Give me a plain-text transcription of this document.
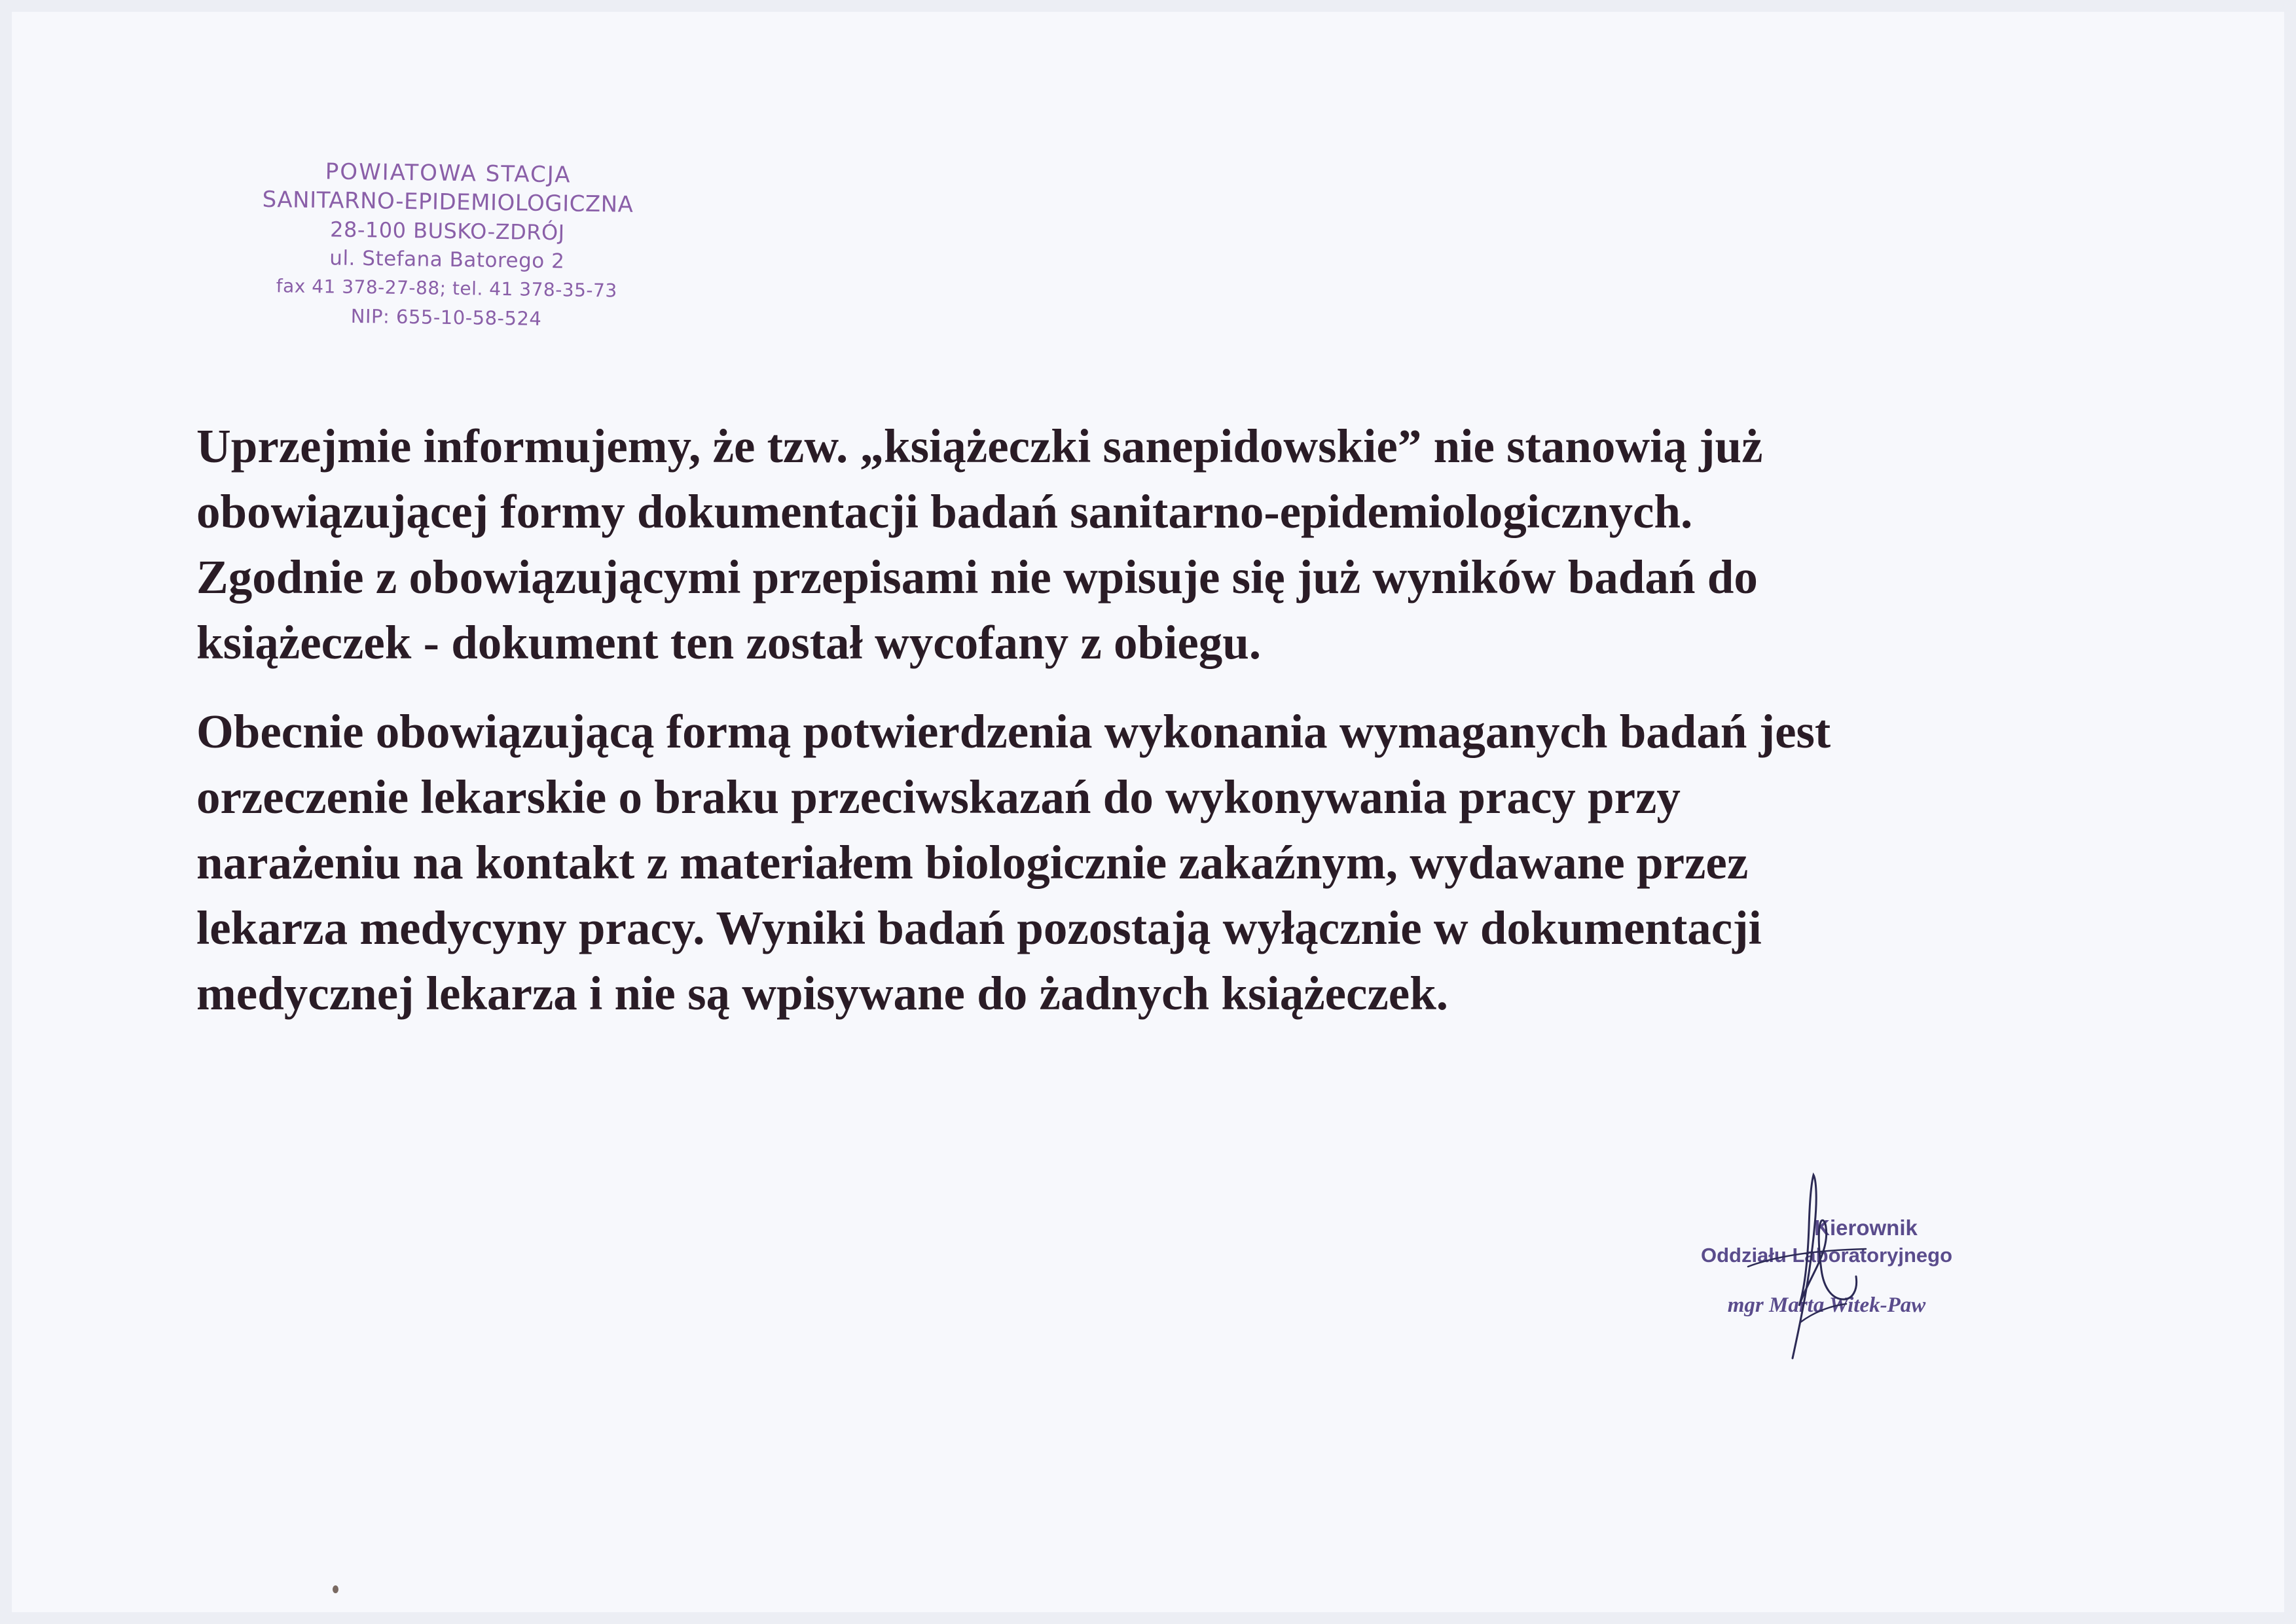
POWIATOWA STACJA
SANITARNO-EPIDEMIOLOGICZNA
28-100 BUSKO-ZDRÓJ
ul. Stefana Batorego 2
fax 41 378-27-88; tel. 41 378-35-73
NIP: 655-10-58-524

Uprzejmie informujemy, że tzw. „książeczki sanepidowskie” nie stanowią już
obowiązującej formy dokumentacji badań sanitarno-epidemiologicznych.
Zgodnie z obowiązującymi przepisami nie wpisuje się już wyników badań do
książeczek - dokument ten został wycofany z obiegu.

Obecnie obowiązującą formą potwierdzenia wykonania wymaganych badań jest
orzeczenie lekarskie o braku przeciwskazań do wykonywania pracy przy
narażeniu na kontakt z materiałem biologicznie zakaźnym, wydawane przez
lekarza medycyny pracy. Wyniki badań pozostają wyłącznie w dokumentacji
medycznej lekarza i nie są wpisywane do żadnych książeczek.

Kierownik
Oddziału Laboratoryjnego
mgr Marta Witek-Paw
